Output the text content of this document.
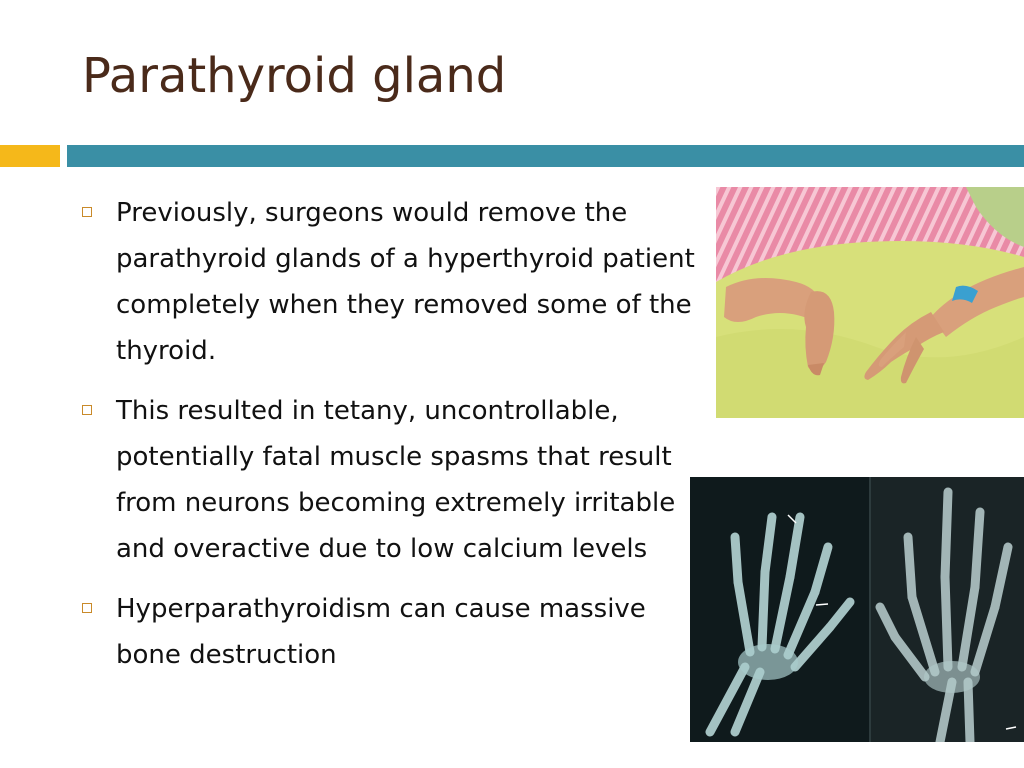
Parathyroid gland
Previously, surgeons would remove the parathyroid glands of a hyperthyroid patient completely when they removed some of the thyroid.
This resulted in tetany, uncontrollable, potentially fatal muscle spasms that result from neurons becoming extremely irritable and overactive due to low calcium levels
Hyperparathyroidism can cause massive bone destruction
